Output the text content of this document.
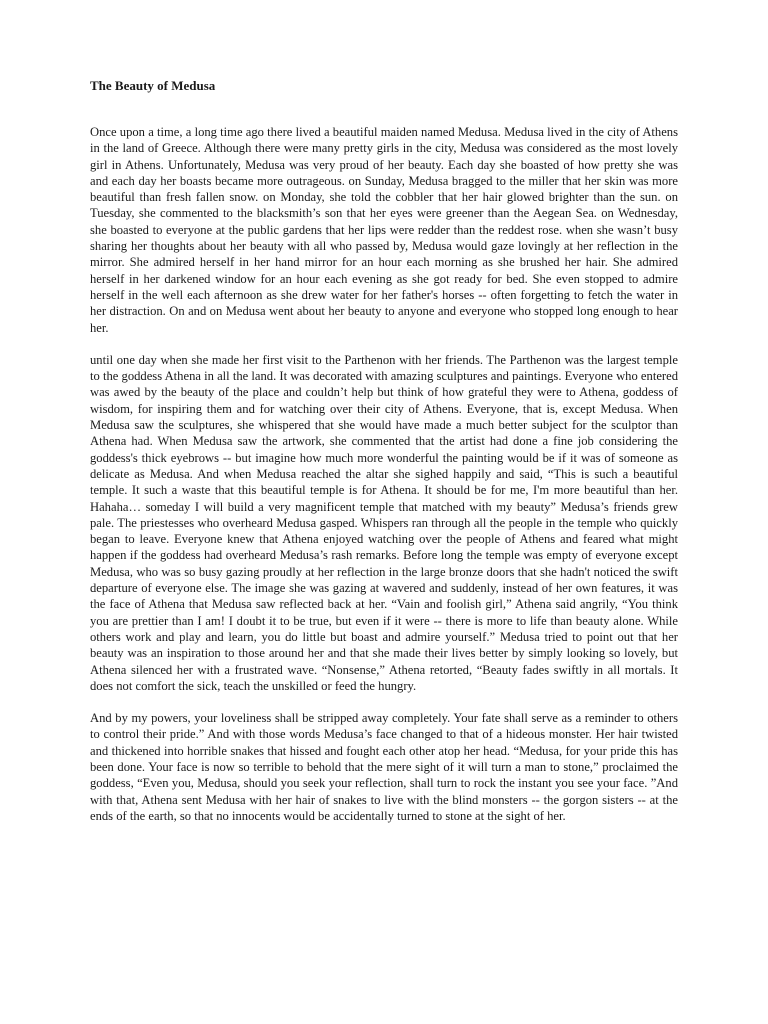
The Beauty of Medusa

Once upon a time, a long time ago there lived a beautiful maiden named Medusa. Medusa lived in the city of Athens in the land of Greece. Although there were many pretty girls in the city, Medusa was considered as the most lovely girl in Athens. Unfortunately, Medusa was very proud of her beauty. Each day she boasted of how pretty she was and each day her boasts became more outrageous. on Sunday, Medusa bragged to the miller that her skin was more beautiful than fresh fallen snow. on Monday, she told the cobbler that her hair glowed brighter than the sun. on Tuesday, she commented to the blacksmith’s son that her eyes were greener than the Aegean Sea. on Wednesday, she boasted to everyone at the public gardens that her lips were redder than the reddest rose. when she wasn’t busy sharing her thoughts about her beauty with all who passed by, Medusa would gaze lovingly at her reflection in the mirror. She admired herself in her hand mirror for an hour each morning as she brushed her hair. She admired herself in her darkened window for an hour each evening as she got ready for bed. She even stopped to admire herself in the well each afternoon as she drew water for her father's horses -- often forgetting to fetch the water in her distraction. On and on Medusa went about her beauty to anyone and everyone who stopped long enough to hear her.

until one day when she made her first visit to the Parthenon with her friends. The Parthenon was the largest temple to the goddess Athena in all the land. It was decorated with amazing sculptures and paintings. Everyone who entered was awed by the beauty of the place and couldn’t help but think of how grateful they were to Athena, goddess of wisdom, for inspiring them and for watching over their city of Athens. Everyone, that is, except Medusa. When Medusa saw the sculptures, she whispered that she would have made a much better subject for the sculptor than Athena had. When Medusa saw the artwork, she commented that the artist had done a fine job considering the goddess's thick eyebrows -- but imagine how much more wonderful the painting would be if it was of someone as delicate as Medusa. And when Medusa reached the altar she sighed happily and said, “This is such a beautiful temple. It such a waste that this beautiful temple is for Athena. It should be for me, I'm more beautiful than her. Hahaha… someday I will build a very magnificent temple that matched with my beauty” Medusa’s friends grew pale. The priestesses who overheard Medusa gasped. Whispers ran through all the people in the temple who quickly began to leave. Everyone knew that Athena enjoyed watching over the people of Athens and feared what might happen if the goddess had overheard Medusa’s rash remarks. Before long the temple was empty of everyone except Medusa, who was so busy gazing proudly at her reflection in the large bronze doors that she hadn't noticed the swift departure of everyone else. The image she was gazing at wavered and suddenly, instead of her own features, it was the face of Athena that Medusa saw reflected back at her. “Vain and foolish girl,” Athena said angrily, “You think you are prettier than I am! I doubt it to be true, but even if it were -- there is more to life than beauty alone. While others work and play and learn, you do little but boast and admire yourself.” Medusa tried to point out that her beauty was an inspiration to those around her and that she made their lives better by simply looking so lovely, but Athena silenced her with a frustrated wave. “Nonsense,” Athena retorted, “Beauty fades swiftly in all mortals. It does not comfort the sick, teach the unskilled or feed the hungry.

And by my powers, your loveliness shall be stripped away completely. Your fate shall serve as a reminder to others to control their pride.” And with those words Medusa’s face changed to that of a hideous monster. Her hair twisted and thickened into horrible snakes that hissed and fought each other atop her head. “Medusa, for your pride this has been done. Your face is now so terrible to behold that the mere sight of it will turn a man to stone,” proclaimed the goddess, “Even you, Medusa, should you seek your reflection, shall turn to rock the instant you see your face. ”And with that, Athena sent Medusa with her hair of snakes to live with the blind monsters -- the gorgon sisters -- at the ends of the earth, so that no innocents would be accidentally turned to stone at the sight of her.
